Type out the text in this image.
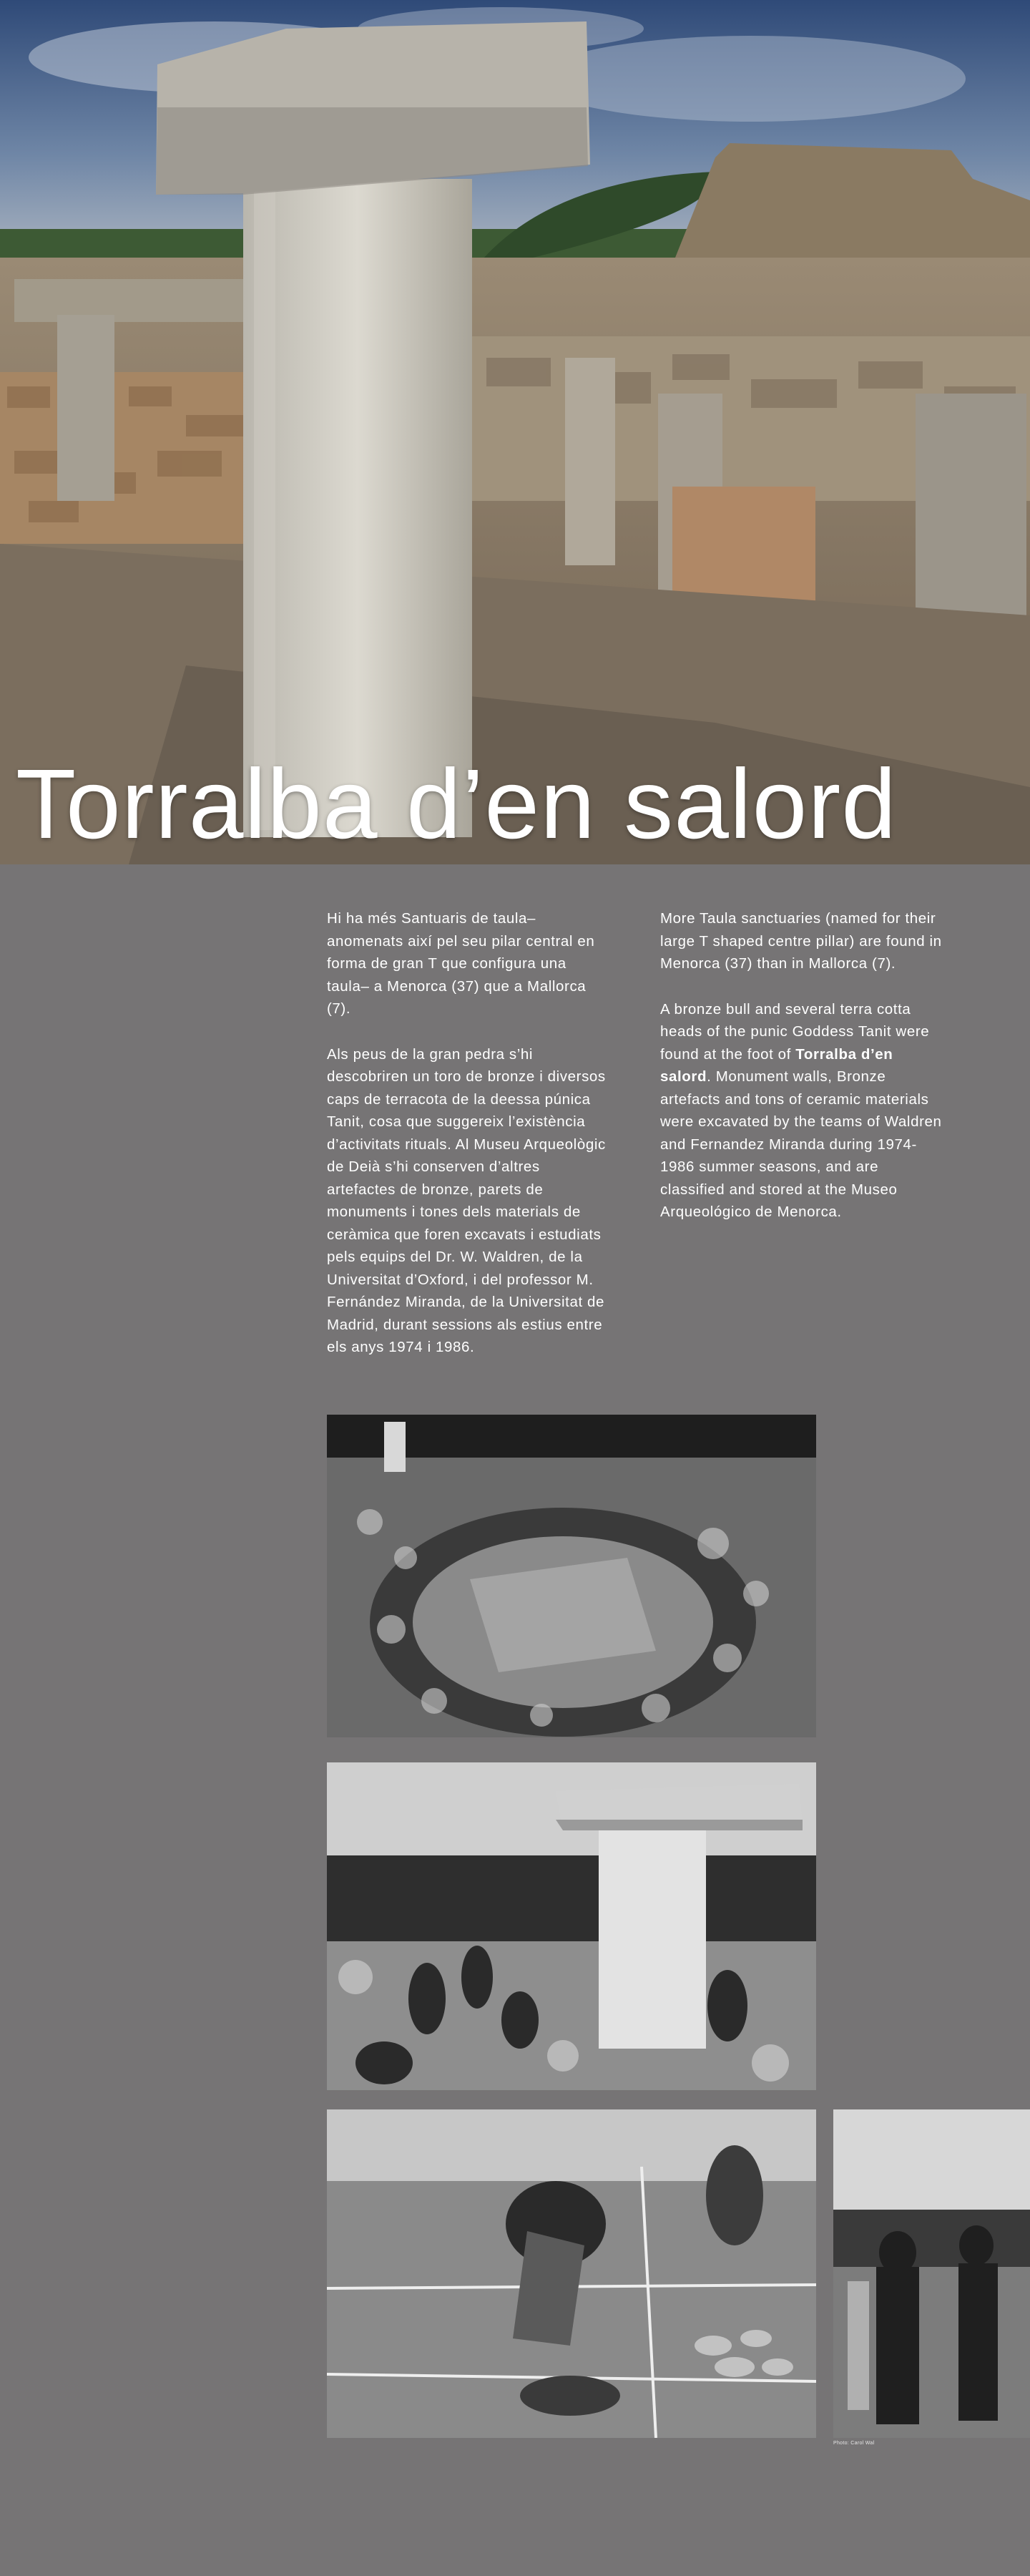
Torralba d’en salord

Hi ha més Santuaris de taula– anomenats així pel seu pilar central en forma de gran T que configura una taula– a Menorca (37) que a Mallorca (7).

Als peus de la gran pedra s’hi descobriren un toro de bronze i diversos caps de terracota de la deessa púnica Tanit, cosa que suggereix l’existència d’activitats rituals. Al Museu Arqueològic de Deià s’hi conserven d’altres artefactes de bronze, parets de monuments i tones dels materials de ceràmica que foren excavats i estudiats pels equips del Dr. W. Waldren, de la Universitat d’Oxford, i del professor M. Fernández Miranda, de la Universitat de Madrid, durant sessions als estius entre els anys 1974 i 1986.

More Taula sanctuaries (named for their large T shaped centre pillar) are found in Menorca (37) than in Mallorca (7).

A bronze bull and several terra cotta heads of the punic Goddess Tanit were found at the foot of Torralba d’en salord. Monument walls, Bronze artefacts and tons of ceramic materials were excavated by the teams of Waldren and Fernandez Miranda during 1974-1986 summer seasons, and are classified and stored at the Museo Arqueológico de Menorca.

Photo: Carol Wal
